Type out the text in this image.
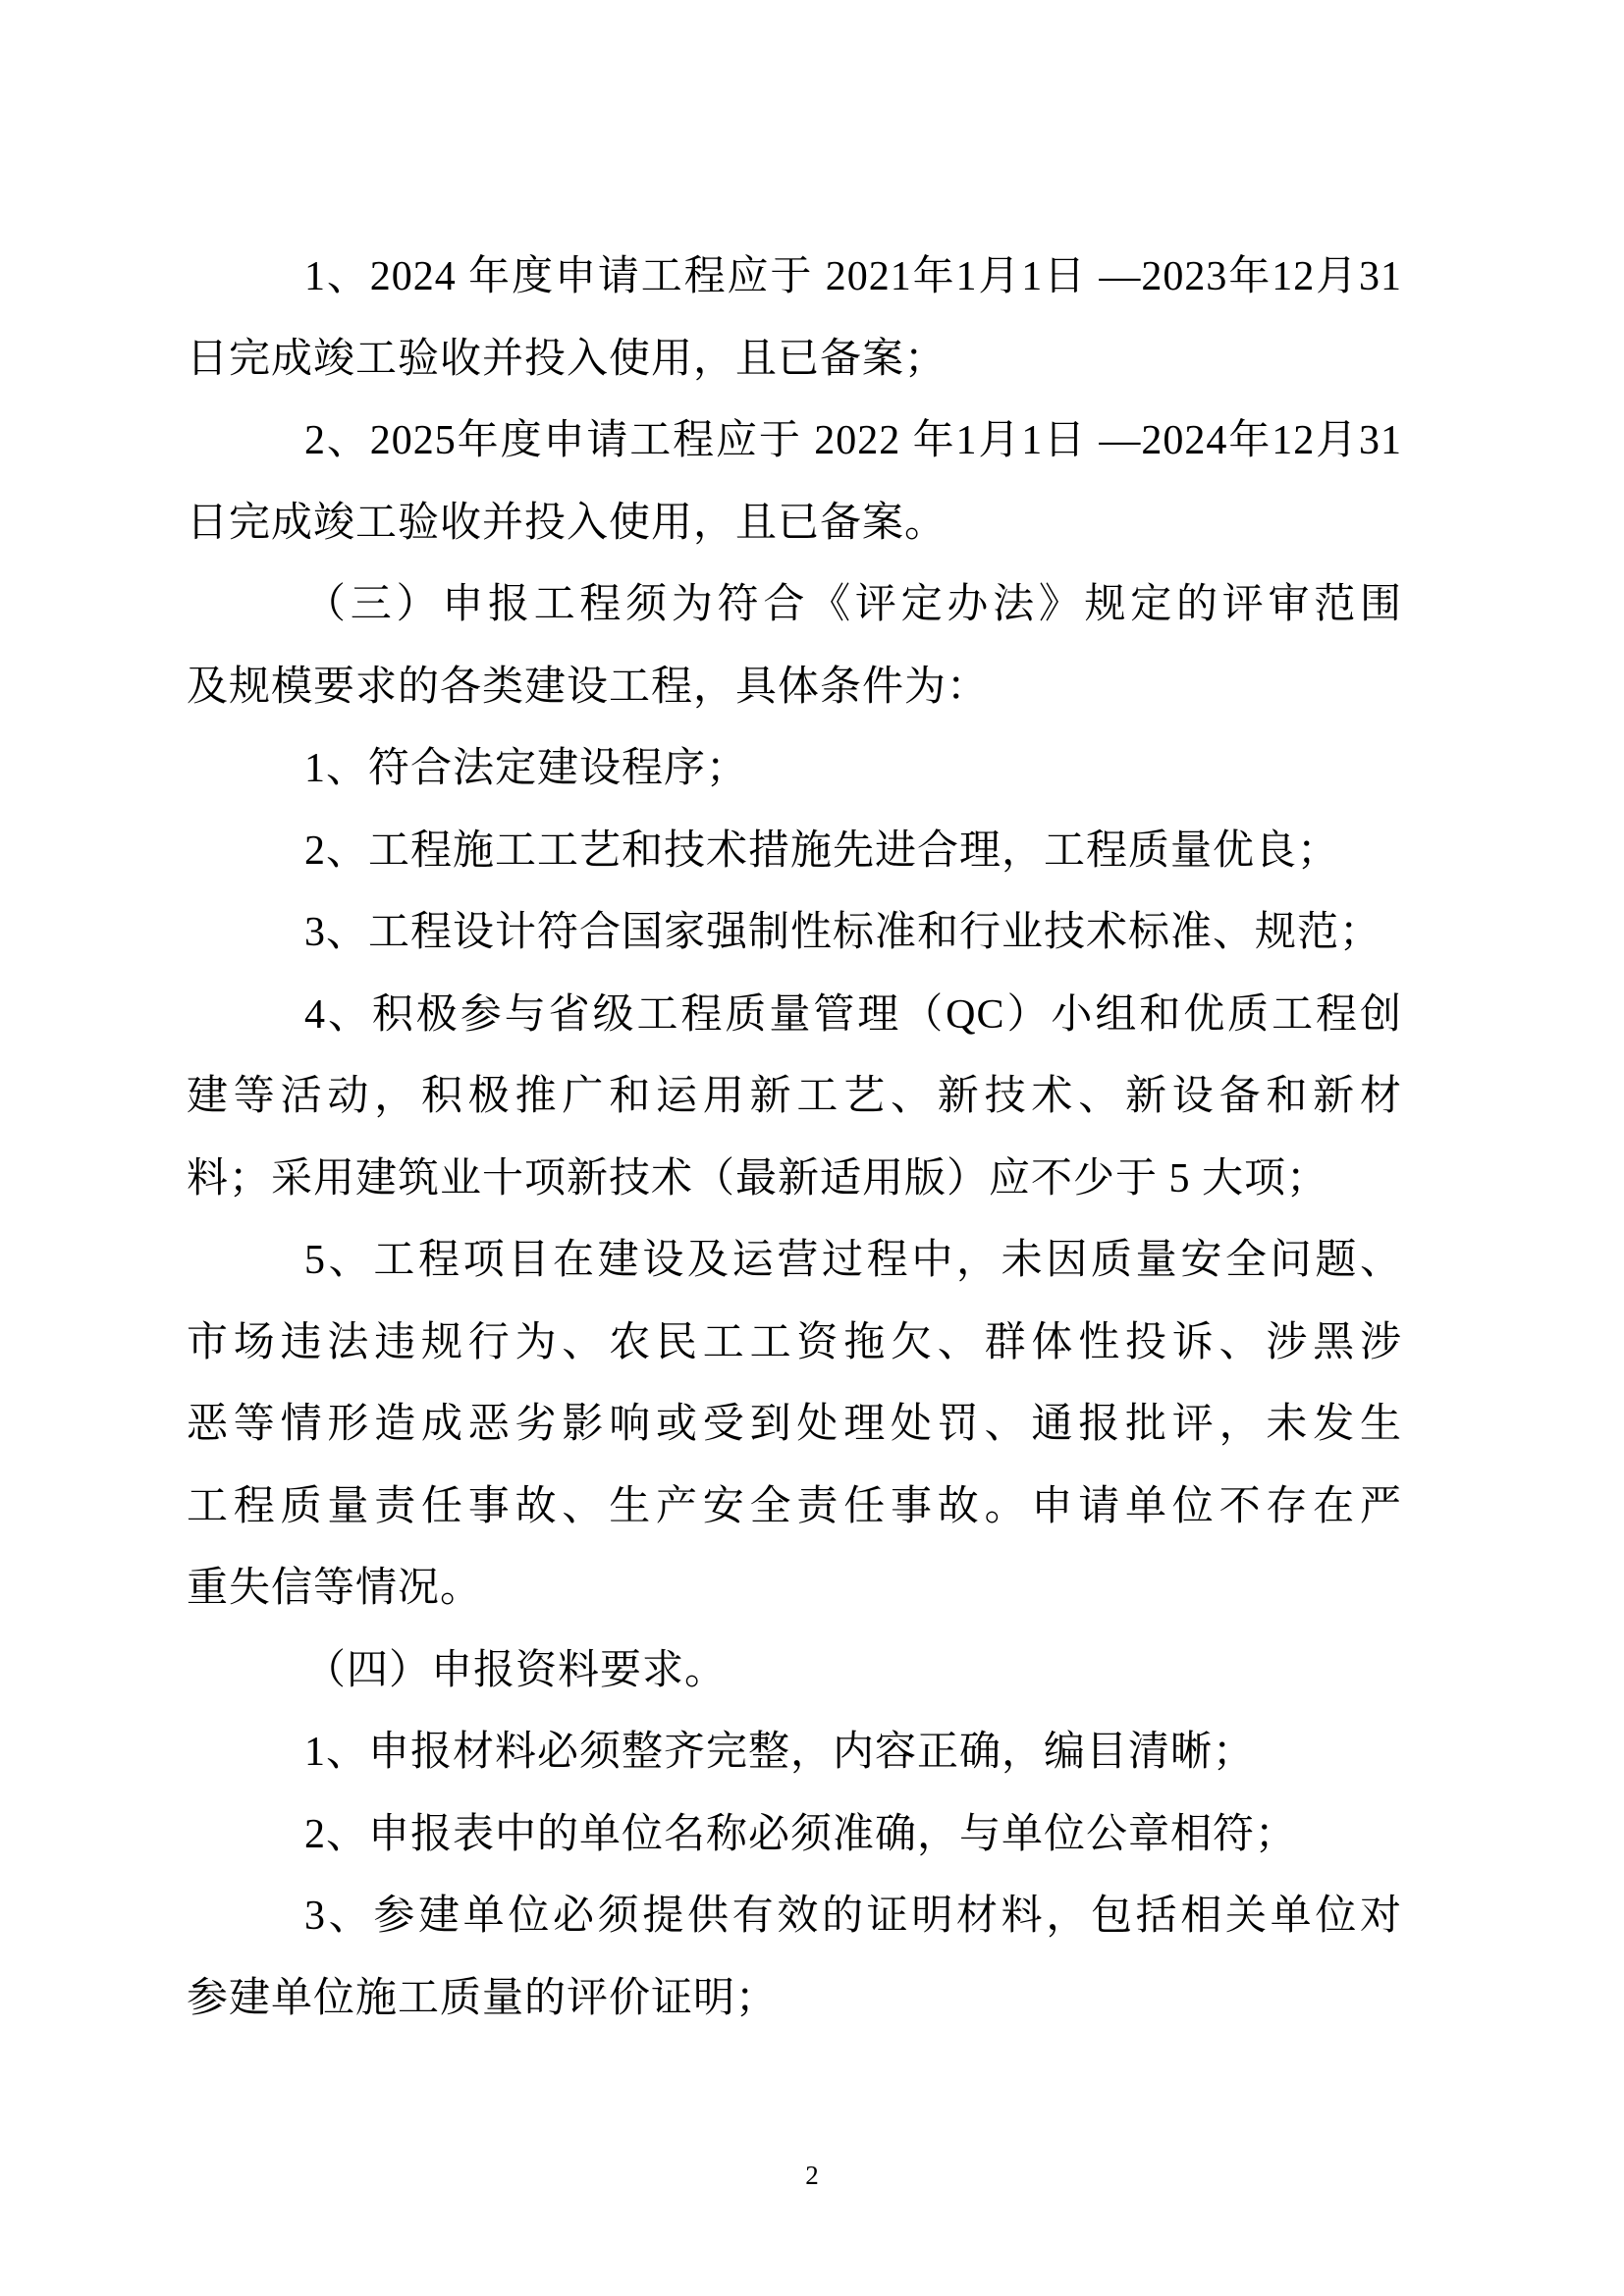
1、2024 年度申请工程应于 2021年1月1日 —2023年12月31
日完成竣工验收并投入使用，且已备案；
2、2025年度申请工程应于 2022 年1月1日 —2024年12月31
日完成竣工验收并投入使用，且已备案。
（三）申报工程须为符合《评定办法》规定的评审范围
及规模要求的各类建设工程，具体条件为：
1、符合法定建设程序；
2、工程施工工艺和技术措施先进合理，工程质量优良；
3、工程设计符合国家强制性标准和行业技术标准、规范；
4、积极参与省级工程质量管理（QC）小组和优质工程创
建等活动，积极推广和运用新工艺、新技术、新设备和新材
料；采用建筑业十项新技术（最新适用版）应不少于 5 大项；
5、工程项目在建设及运营过程中，未因质量安全问题、
市场违法违规行为、农民工工资拖欠、群体性投诉、涉黑涉
恶等情形造成恶劣影响或受到处理处罚、通报批评，未发生
工程质量责任事故、生产安全责任事故。申请单位不存在严
重失信等情况。
（四）申报资料要求。
1、申报材料必须整齐完整，内容正确，编目清晰；
2、申报表中的单位名称必须准确，与单位公章相符；
3、参建单位必须提供有效的证明材料，包括相关单位对
参建单位施工质量的评价证明；
2
